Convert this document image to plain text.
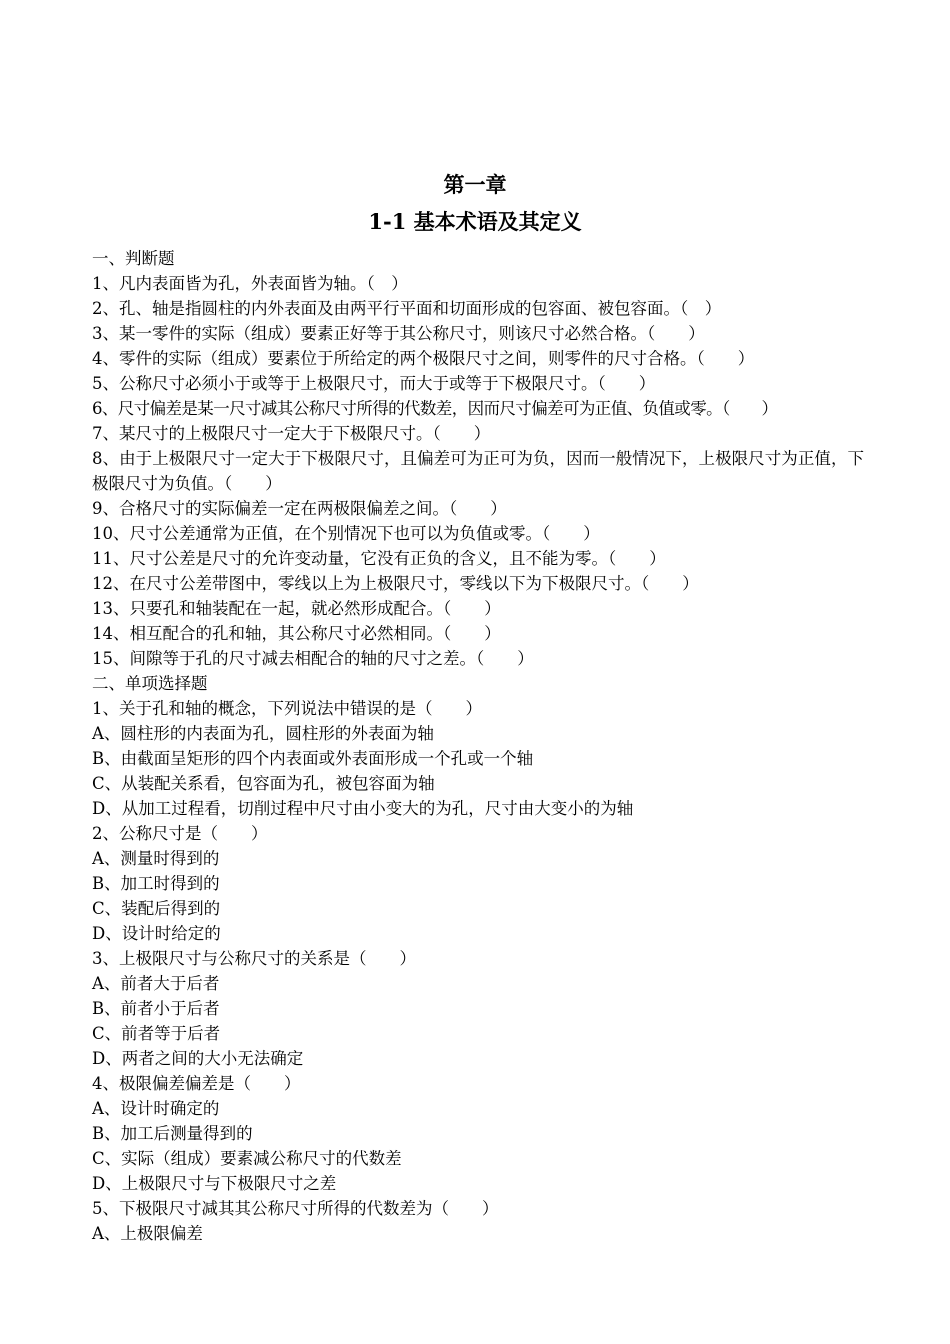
第一章
1-1 基本术语及其定义
一、判断题
1、凡内表面皆为孔，外表面皆为轴。（　）
2、孔、轴是指圆柱的内外表面及由两平行平面和切面形成的包容面、被包容面。（　）
3、某一零件的实际（组成）要素正好等于其公称尺寸，则该尺寸必然合格。（　　）
4、零件的实际（组成）要素位于所给定的两个极限尺寸之间，则零件的尺寸合格。（　　）
5、公称尺寸必须小于或等于上极限尺寸，而大于或等于下极限尺寸。（　　）
6、尺寸偏差是某一尺寸减其公称尺寸所得的代数差，因而尺寸偏差可为正值、负值或零。（　　）
7、某尺寸的上极限尺寸一定大于下极限尺寸。（　　）
8、由于上极限尺寸一定大于下极限尺寸，且偏差可为正可为负，因而一般情况下，上极限尺寸为正值，下极限尺寸为负值。（　　）
9、合格尺寸的实际偏差一定在两极限偏差之间。（　　）
10、尺寸公差通常为正值，在个别情况下也可以为负值或零。（　　）
11、尺寸公差是尺寸的允许变动量，它没有正负的含义，且不能为零。（　　）
12、在尺寸公差带图中，零线以上为上极限尺寸，零线以下为下极限尺寸。（　　）
13、只要孔和轴装配在一起，就必然形成配合。（　　）
14、相互配合的孔和轴，其公称尺寸必然相同。（　　）
15、间隙等于孔的尺寸减去相配合的轴的尺寸之差。（　　）
二、单项选择题
1、关于孔和轴的概念，下列说法中错误的是（　　）
A、圆柱形的内表面为孔，圆柱形的外表面为轴
B、由截面呈矩形的四个内表面或外表面形成一个孔或一个轴
C、从装配关系看，包容面为孔，被包容面为轴
D、从加工过程看，切削过程中尺寸由小变大的为孔，尺寸由大变小的为轴
2、公称尺寸是（　　）
A、测量时得到的
B、加工时得到的
C、装配后得到的
D、设计时给定的
3、上极限尺寸与公称尺寸的关系是（　　）
A、前者大于后者
B、前者小于后者
C、前者等于后者
D、两者之间的大小无法确定
4、极限偏差偏差是（　　）
A、设计时确定的
B、加工后测量得到的
C、实际（组成）要素减公称尺寸的代数差
D、上极限尺寸与下极限尺寸之差
5、下极限尺寸减其其公称尺寸所得的代数差为（　　）
A、上极限偏差
